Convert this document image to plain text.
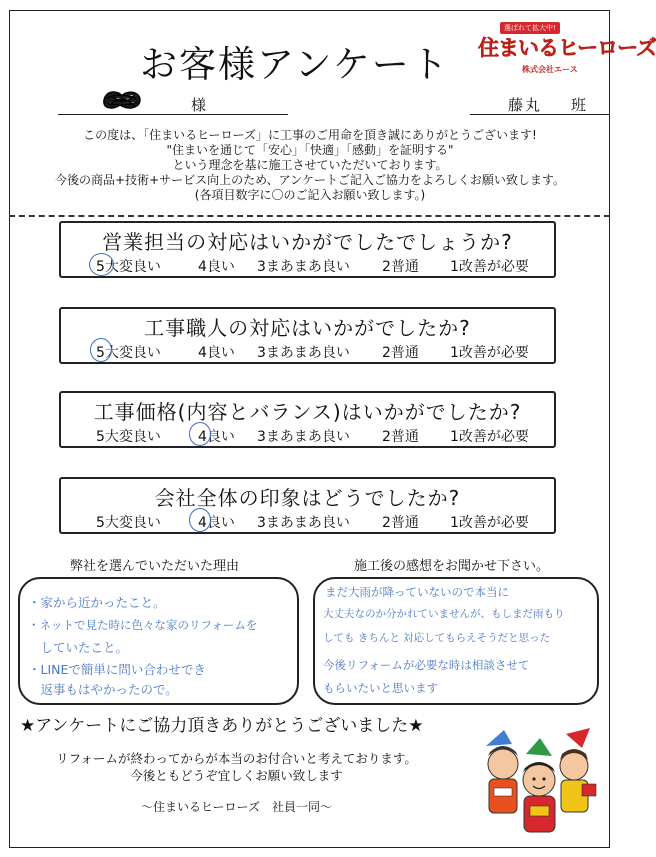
お客様アンケート
選ばれて拡大中!
住まいるヒーローズ
株式会社エース
様	藤丸 班
この度は、「住まいるヒーローズ」に工事のご用命を頂き誠にありがとうございます!
"住まいを通じて「安心」「快適」「感動」を証明する"
という理念を基に施工させていただいております。
今後の商品+技術+サービス向上のため、アンケートご記入ご協力をよろしくお願い致します。
(各項目数字に〇のご記入お願い致します。)
営業担当の対応はいかがでしたでしょうか?
5大変良い	4良い 3まあまあ良い 2普通 1改善が必要
工事職人の対応はいかがでしたか?
5大変良い	4良い 3まあまあ良い 2普通 1改善が必要
工事価格(内容とバランス)はいかがでしたか?
5大変良い	4良い 3まあまあ良い 2普通 1改善が必要
会社全体の印象はどうでしたか?
5大変良い	4良い 3まあまあ良い 2普通 1改善が必要
弊社を選んでいただいた理由	施工後の感想をお聞かせ下さい。
・家から近かったこと。
・ネットで見た時に色々な家のリフォームを
　していたこと。
・LINEで簡単に問い合わせでき
　返事もはやかったので。
まだ大雨が降っていないので本当に
大丈夫なのか分かれていませんが、もしまだ雨もり
しても きちんと 対応してもらえそうだと思った
今後リフォームが必要な時は相談させて
もらいたいと思います
★アンケートにご協力頂きありがとうございました★
リフォームが終わってからが本当のお付合いと考えております。
今後ともどうぞ宜しくお願い致します
〜住まいるヒーローズ　社員一同〜
